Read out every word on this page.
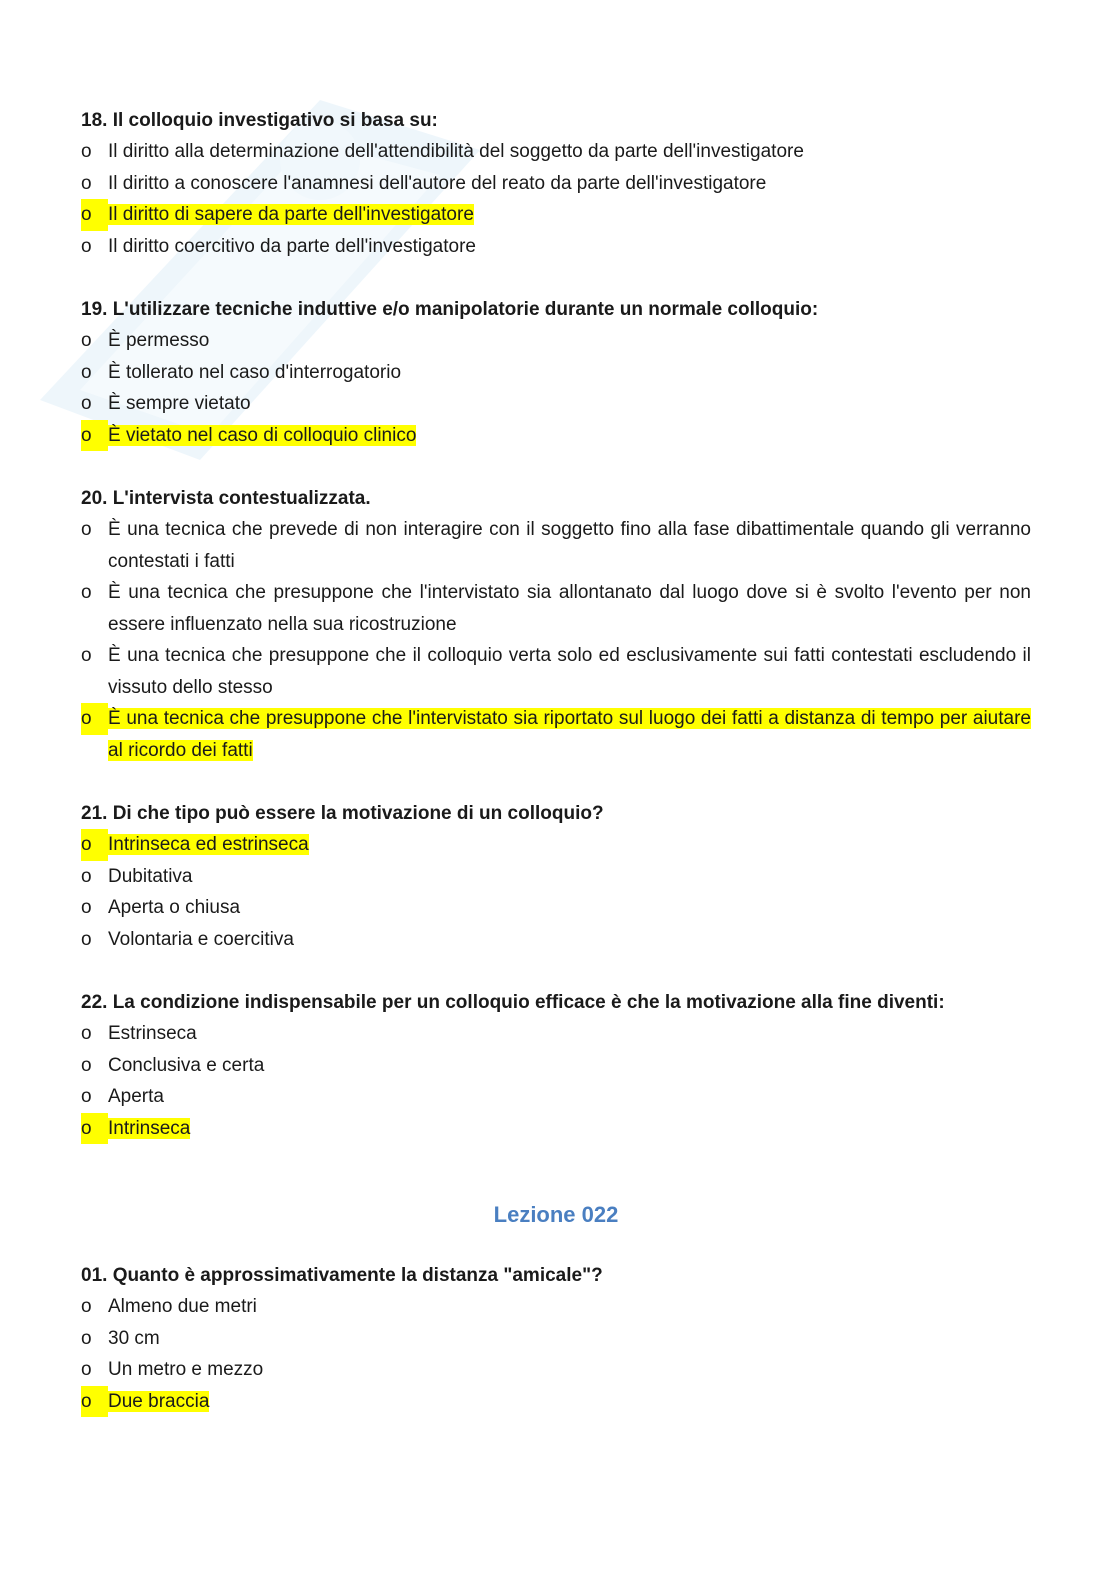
18. Il colloquio investigativo si basa su:

o Il diritto alla determinazione dell'attendibilità del soggetto da parte dell'investigatore
o Il diritto a conoscere l'anamnesi dell'autore del reato da parte dell'investigatore
o Il diritto di sapere da parte dell'investigatore
o Il diritto coercitivo da parte dell'investigatore

19. L'utilizzare tecniche induttive e/o manipolatorie durante un normale colloquio:

o È permesso
o È tollerato nel caso d'interrogatorio
o È sempre vietato
o È vietato nel caso di colloquio clinico

20. L'intervista contestualizzata.

o È una tecnica che prevede di non interagire con il soggetto fino alla fase dibattimentale quando gli verranno contestati i fatti
o È una tecnica che presuppone che l'intervistato sia allontanato dal luogo dove si è svolto l'evento per non essere influenzato nella sua ricostruzione
o È una tecnica che presuppone che il colloquio verta solo ed esclusivamente sui fatti contestati escludendo il vissuto dello stesso
o È una tecnica che presuppone che l'intervistato sia riportato sul luogo dei fatti a distanza di tempo per aiutare al ricordo dei fatti

21. Di che tipo può essere la motivazione di un colloquio?

o Intrinseca ed estrinseca
o Dubitativa
o Aperta o chiusa
o Volontaria e coercitiva

22. La condizione indispensabile per un colloquio efficace è che la motivazione alla fine diventi:

o Estrinseca
o Conclusiva e certa
o Aperta
o Intrinseca
Lezione 022

01. Quanto è approssimativamente la distanza "amicale"?

o Almeno due metri
o 30 cm
o Un metro e mezzo
o Due braccia
